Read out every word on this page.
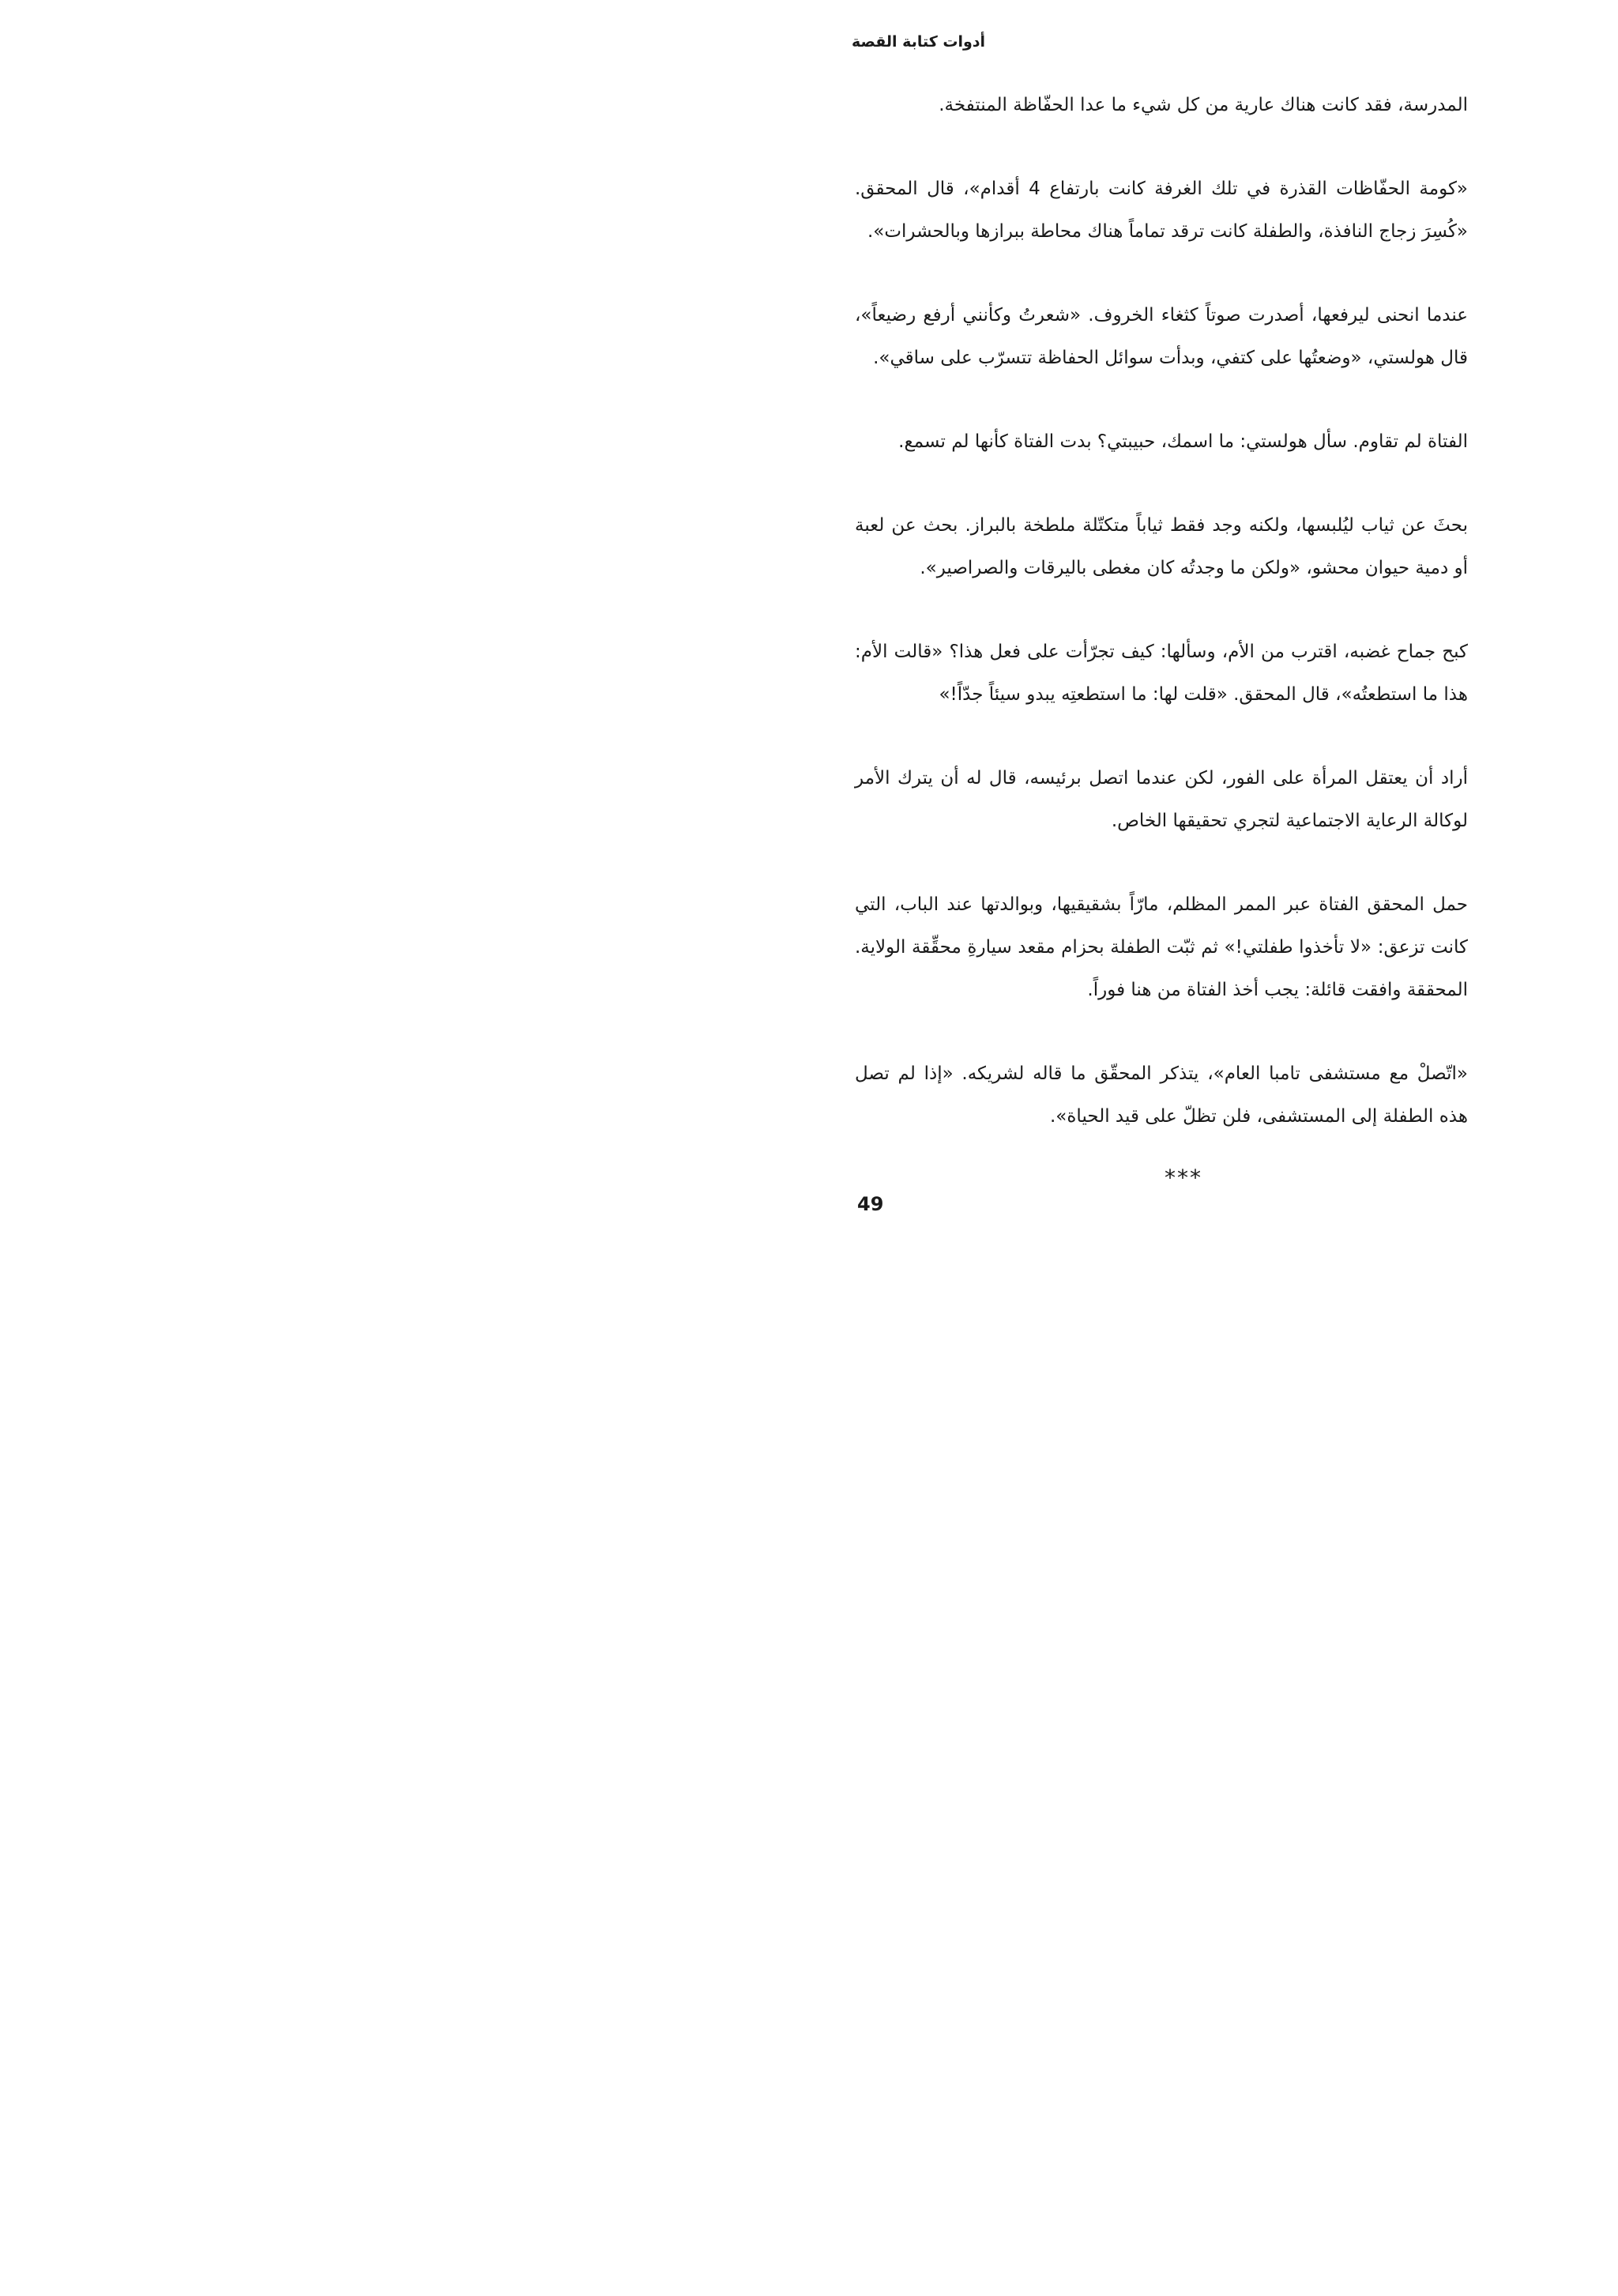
أدوات كتابة القصة

المدرسة، فقد كانت هناك عارية من كل شيء ما عدا الحفّاظة المنتفخة.

«كومة الحفّاظات القذرة في تلك الغرفة كانت بارتفاع 4 أقدام»، قال المحقق. «كُسِرَ زجاج النافذة، والطفلة كانت ترقد تماماً هناك محاطة ببرازها وبالحشرات».

عندما انحنى ليرفعها، أصدرت صوتاً كثغاء الخروف. «شعرتُ وكأنني أرفع رضيعاً»، قال هولستي، «وضعتُها على كتفي، وبدأت سوائل الحفاظة تتسرّب على ساقي».

الفتاة لم تقاوم. سأل هولستي: ما اسمك، حبيبتي؟ بدت الفتاة كأنها لم تسمع.

بحثَ عن ثياب ليُلبسها، ولكنه وجد فقط ثياباً متكتّلة ملطخة بالبراز. بحث عن لعبة أو دمية حيوان محشو، «ولكن ما وجدتُه كان مغطى باليرقات والصراصير».

كبح جماح غضبه، اقترب من الأم، وسألها: كيف تجرّأت على فعل هذا؟ «قالت الأم: هذا ما استطعتُه»، قال المحقق. «قلت لها: ما استطعتِه يبدو سيئاً جدّاً!»

أراد أن يعتقل المرأة على الفور، لكن عندما اتصل برئيسه، قال له أن يترك الأمر لوكالة الرعاية الاجتماعية لتجري تحقيقها الخاص.

حمل المحقق الفتاة عبر الممر المظلم، مارّاً بشقيقيها، وبوالدتها عند الباب، التي كانت تزعق: «لا تأخذوا طفلتي!» ثم ثبّت الطفلة بحزام مقعد سيارةِ محقِّقة الولاية. المحققة وافقت قائلة: يجب أخذ الفتاة من هنا فوراً.

«اتّصلْ مع مستشفى تامبا العام»، يتذكر المحقّق ما قاله لشريكه. «إذا لم تصل هذه الطفلة إلى المستشفى، فلن تظلّ على قيد الحياة».

***
49
